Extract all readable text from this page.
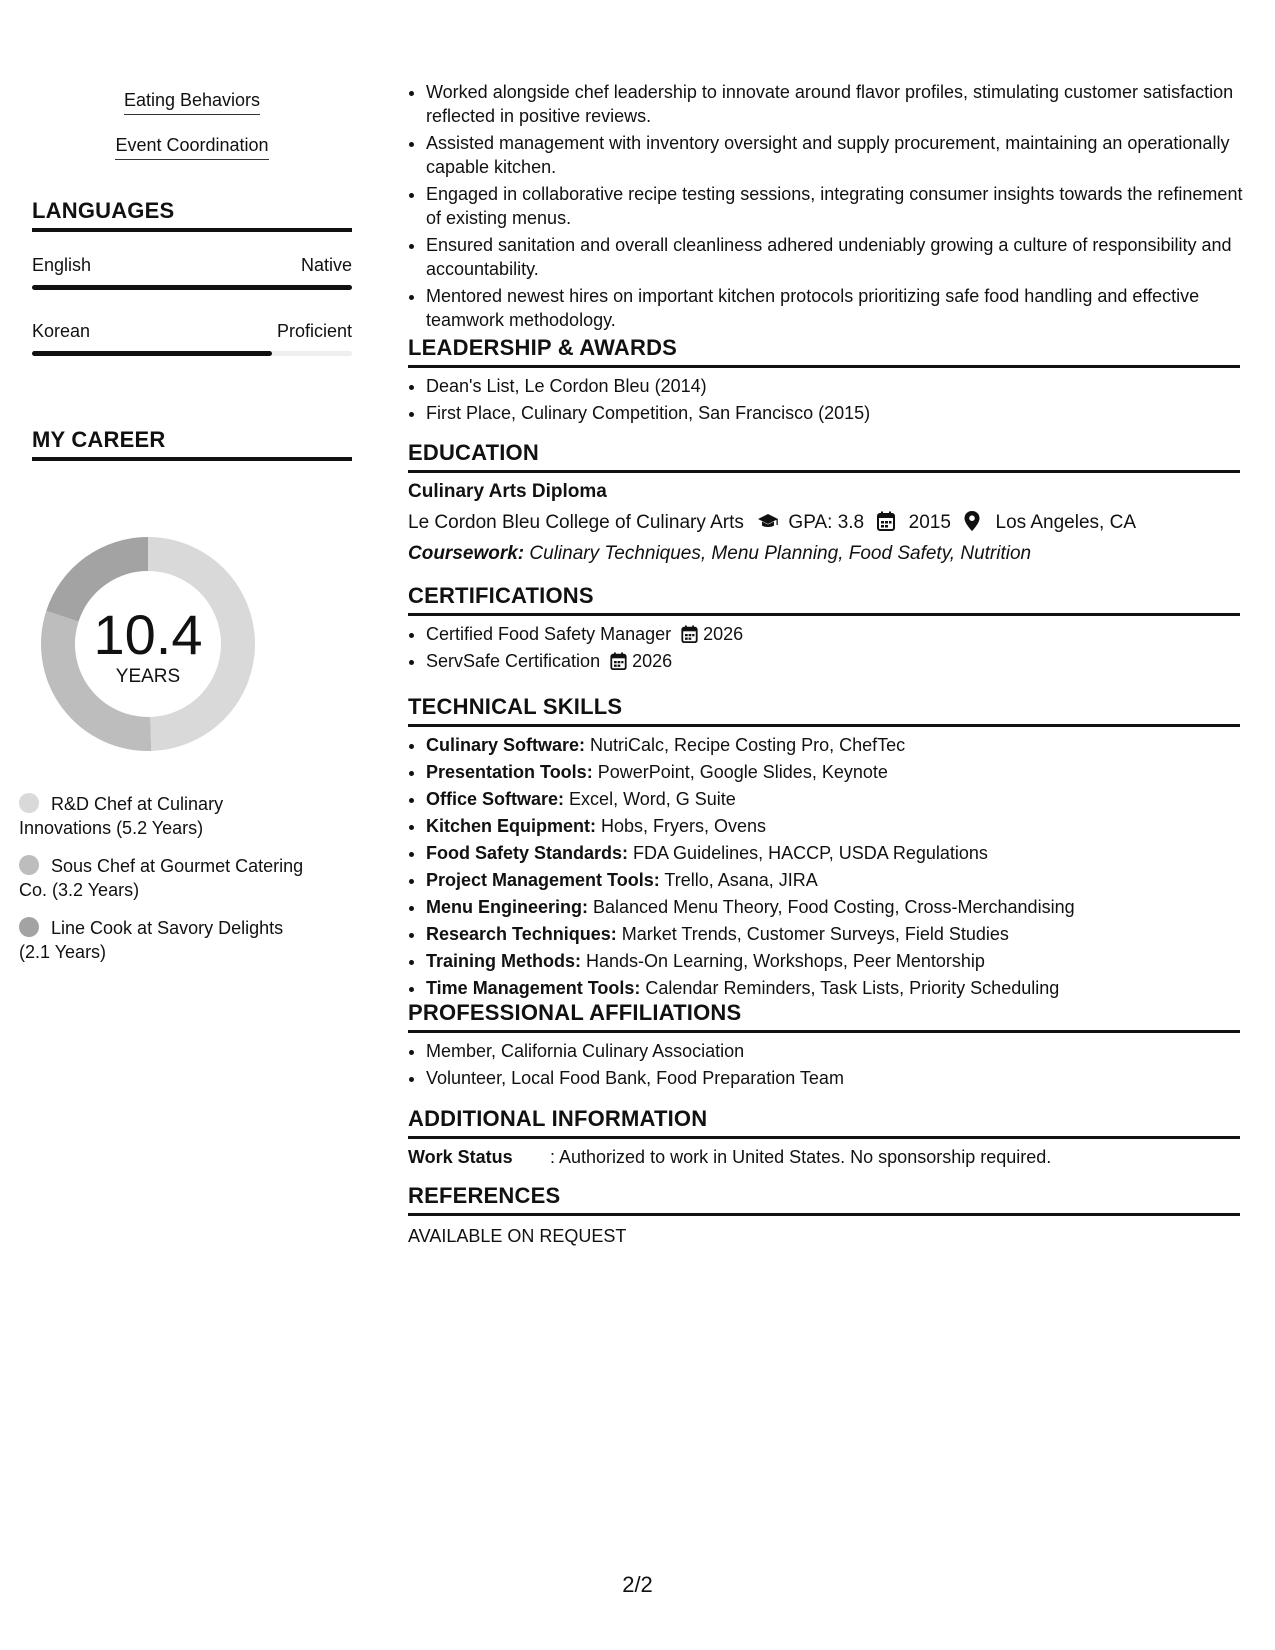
Eating Behaviors
Event Coordination
LANGUAGES
English	Native
Korean	Proficient
MY CAREER
10.4
YEARS
R&D Chef at Culinary Innovations (5.2 Years)
Sous Chef at Gourmet Catering Co. (3.2 Years)
Line Cook at Savory Delights (2.1 Years)
• Worked alongside chef leadership to innovate around flavor profiles, stimulating customer satisfaction reflected in positive reviews.
• Assisted management with inventory oversight and supply procurement, maintaining an operationally capable kitchen.
• Engaged in collaborative recipe testing sessions, integrating consumer insights towards the refinement of existing menus.
• Ensured sanitation and overall cleanliness adhered undeniably growing a culture of responsibility and accountability.
• Mentored newest hires on important kitchen protocols prioritizing safe food handling and effective teamwork methodology.
LEADERSHIP & AWARDS
• Dean's List, Le Cordon Bleu (2014)
• First Place, Culinary Competition, San Francisco (2015)
EDUCATION
Culinary Arts Diploma
Le Cordon Bleu College of Culinary Arts GPA: 3.8 2015 Los Angeles, CA
Coursework: Culinary Techniques, Menu Planning, Food Safety, Nutrition
CERTIFICATIONS
• Certified Food Safety Manager 2026
• ServSafe Certification 2026
TECHNICAL SKILLS
• Culinary Software: NutriCalc, Recipe Costing Pro, ChefTec
• Presentation Tools: PowerPoint, Google Slides, Keynote
• Office Software: Excel, Word, G Suite
• Kitchen Equipment: Hobs, Fryers, Ovens
• Food Safety Standards: FDA Guidelines, HACCP, USDA Regulations
• Project Management Tools: Trello, Asana, JIRA
• Menu Engineering: Balanced Menu Theory, Food Costing, Cross-Merchandising
• Research Techniques: Market Trends, Customer Surveys, Field Studies
• Training Methods: Hands-On Learning, Workshops, Peer Mentorship
• Time Management Tools: Calendar Reminders, Task Lists, Priority Scheduling
PROFESSIONAL AFFILIATIONS
• Member, California Culinary Association
• Volunteer, Local Food Bank, Food Preparation Team
ADDITIONAL INFORMATION
Work Status : Authorized to work in United States. No sponsorship required.
REFERENCES
AVAILABLE ON REQUEST
2/2
